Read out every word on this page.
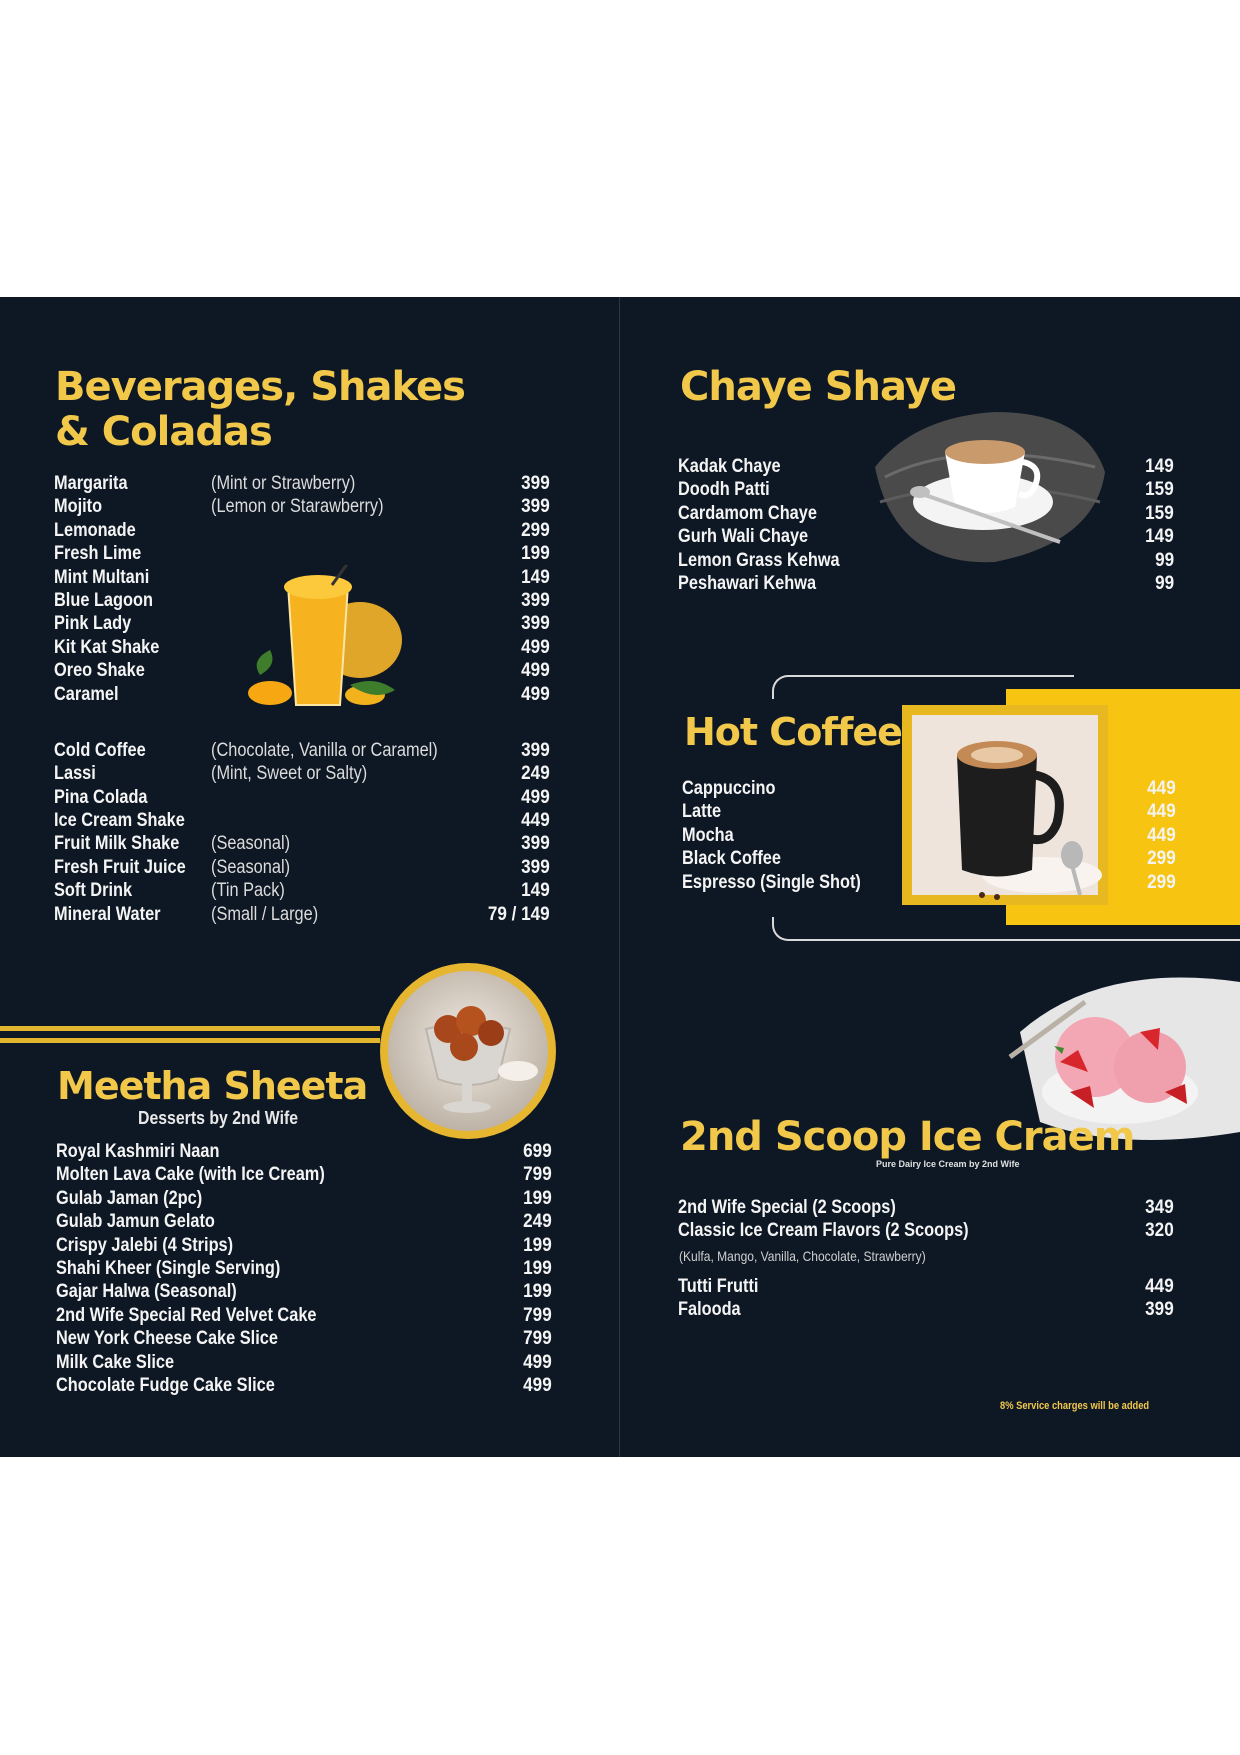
Beverages, Shakes
& Coladas
Margarita	(Mint or Strawberry)	399
Mojito	(Lemon or Starawberry)	399
Lemonade	299
Fresh Lime	199
Mint Multani	149
Blue Lagoon	399
Pink Lady	399
Kit Kat Shake	499
Oreo Shake	499
Caramel	499
Cold Coffee	(Chocolate, Vanilla or Caramel)	399
Lassi	(Mint, Sweet or Salty)	249
Pina Colada	499
Ice Cream Shake	449
Fruit Milk Shake (Seasonal)	399
Fresh Fruit Juice (Seasonal)	399
Soft Drink	(Tin Pack)	149
Mineral Water	(Small / Large)	79 / 149
Meetha Sheeta
Desserts by 2nd Wife
Royal Kashmiri Naan	699
Molten Lava Cake (with Ice Cream)	799
Gulab Jaman (2pc)	199
Gulab Jamun Gelato	249
Crispy Jalebi (4 Strips)	199
Shahi Kheer (Single Serving)	199
Gajar Halwa (Seasonal)	199
2nd Wife Special Red Velvet Cake	799
New York Cheese Cake Slice	799
Milk Cake Slice	499
Chocolate Fudge Cake Slice	499
Chaye Shaye
Kadak Chaye	149
Doodh Patti	159
Cardamom Chaye	159
Gurh Wali Chaye	149
Lemon Grass Kehwa	99
Peshawari Kehwa	99
Hot Coffee
Cappuccino	449
Latte	449
Mocha	449
Black Coffee	299
Espresso (Single Shot)	299
2nd Scoop Ice Craem
Pure Dairy Ice Cream by 2nd Wife
2nd Wife Special (2 Scoops)	349
Classic Ice Cream Flavors (2 Scoops)	320
(Kulfa, Mango, Vanilla, Chocolate, Strawberry)
Tutti Frutti	449
Falooda	399
8% Service charges will be added
